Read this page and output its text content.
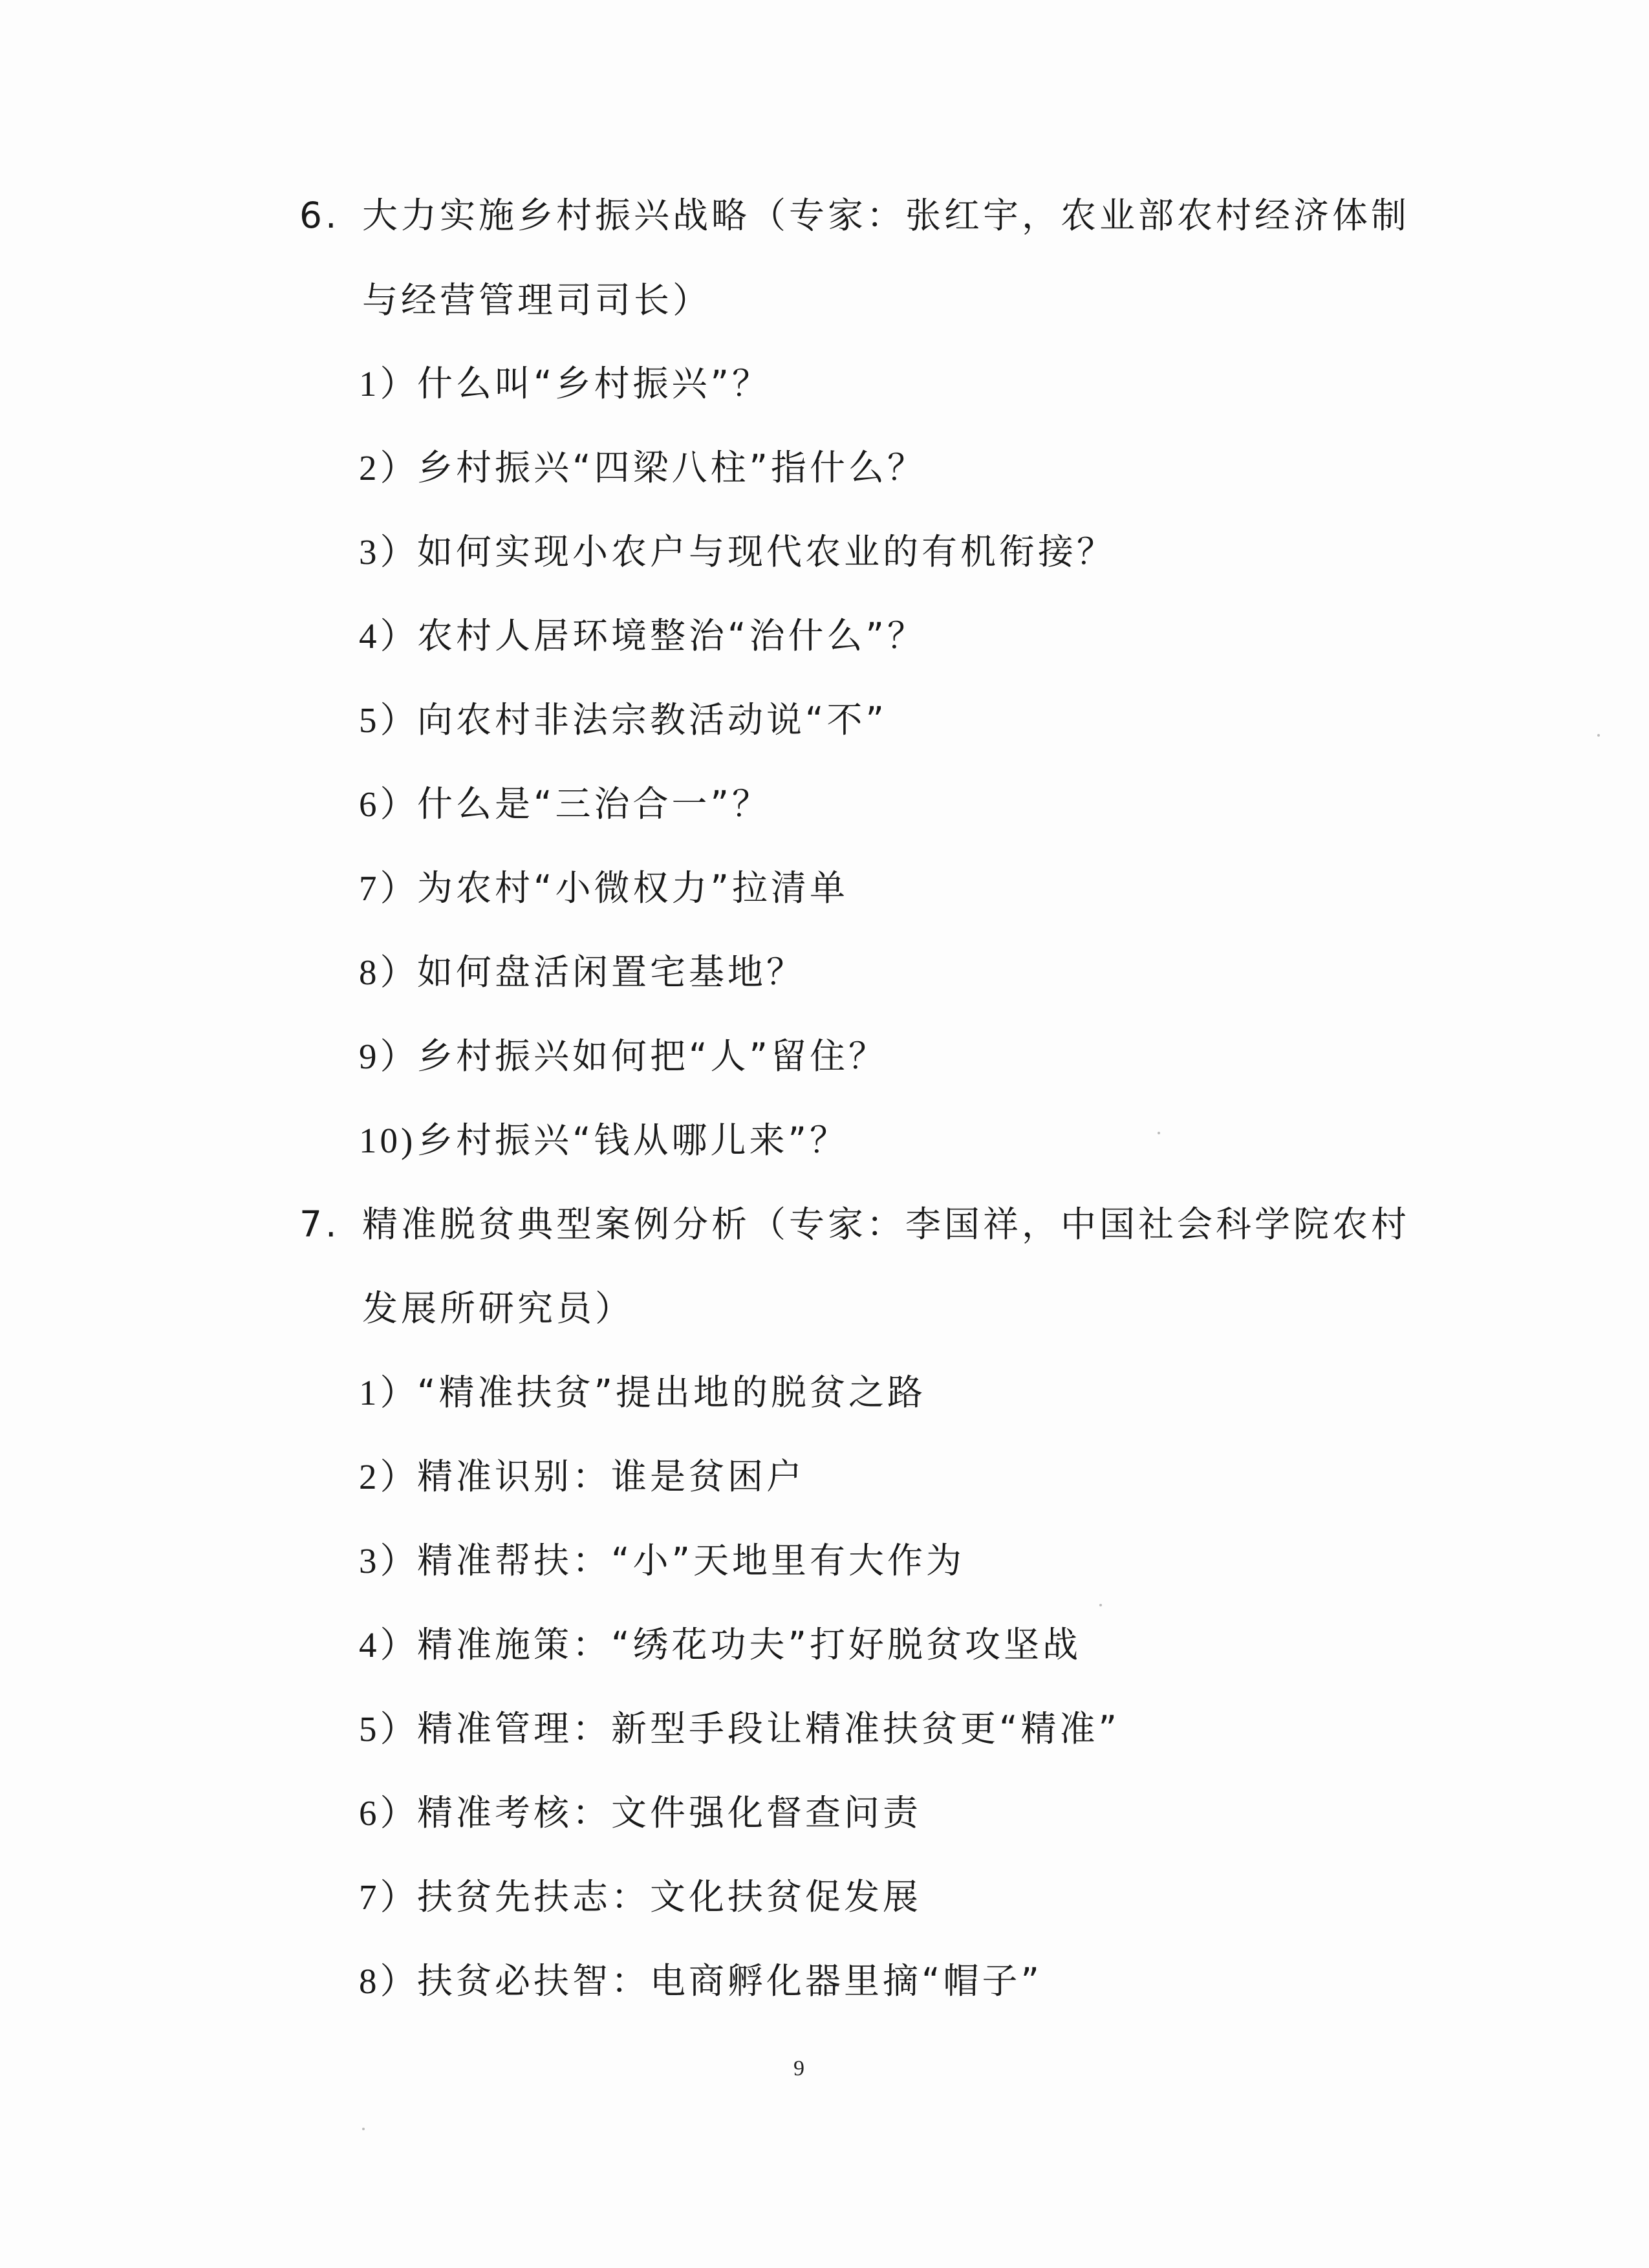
6. 大力实施乡村振兴战略（专家：张红宇，农业部农村经济体制
与经营管理司司长）
1）什么叫“乡村振兴”？
2）乡村振兴“四梁八柱”指什么？
3）如何实现小农户与现代农业的有机衔接？
4）农村人居环境整治“治什么”？
5）向农村非法宗教活动说“不”
6）什么是“三治合一”？
7）为农村“小微权力”拉清单
8）如何盘活闲置宅基地？
9）乡村振兴如何把“人”留住？
10)乡村振兴“钱从哪儿来”？
7. 精准脱贫典型案例分析（专家：李国祥，中国社会科学院农村
发展所研究员）
1）“精准扶贫”提出地的脱贫之路
2）精准识别：谁是贫困户
3）精准帮扶：“小”天地里有大作为
4）精准施策：“绣花功夫”打好脱贫攻坚战
5）精准管理：新型手段让精准扶贫更“精准”
6）精准考核：文件强化督查问责
7）扶贫先扶志：文化扶贫促发展
8）扶贫必扶智：电商孵化器里摘“帽子”
9
